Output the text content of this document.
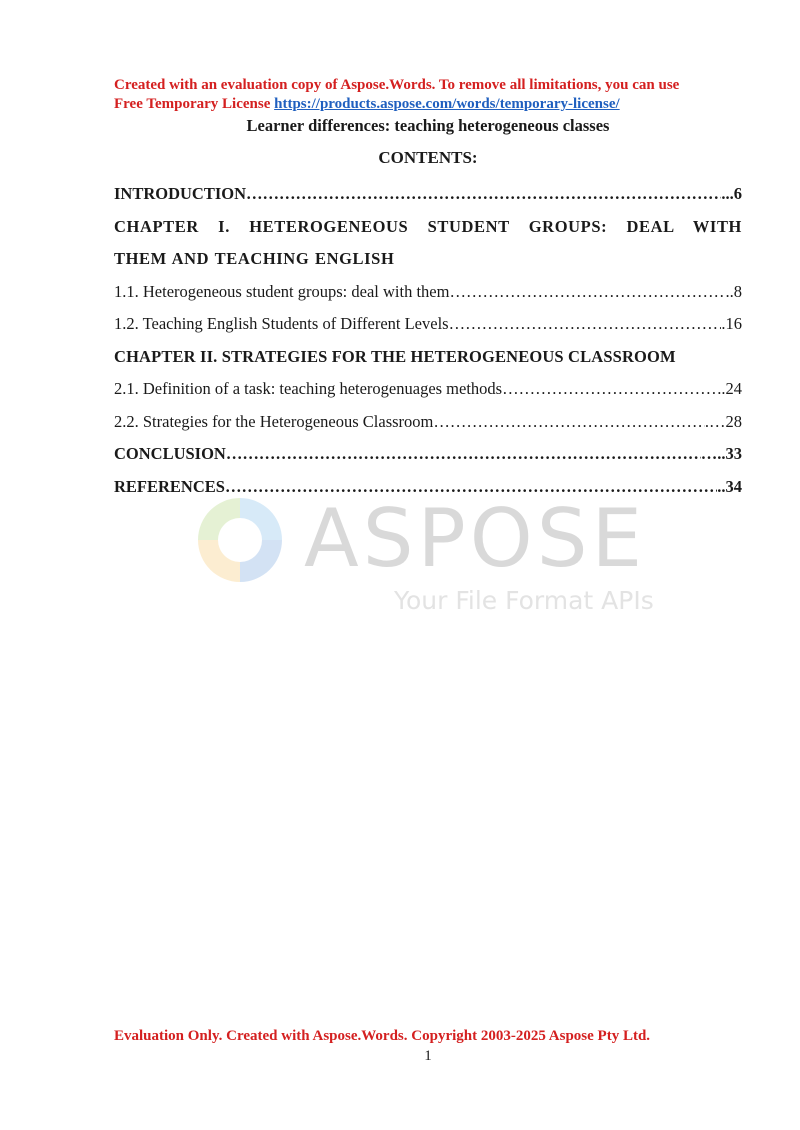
Created with an evaluation copy of Aspose.Words. To remove all limitations, you can use
Free Temporary License https://products.aspose.com/words/temporary-license/
Learner differences: teaching heterogeneous classes
CONTENTS:
INTRODUCTION ……………………………………………………………………………………………………………………………………………	...6
CHAPTER I. HETEROGENEOUS STUDENT GROUPS: DEAL WITH
THEM AND TEACHING ENGLISH
1.1. Heterogeneous student groups: deal with them ……………………………………………………………………………………………………………………………………………	..8
1.2. Teaching English Students of Different Levels ……………………………………………………………………………………………………………………………………………	.16
CHAPTER II. STRATEGIES FOR THE HETEROGENEOUS CLASSROOM
2.1. Definition of a task: teaching heterogenuages methods ……………………………………………………………………………………………………………………………………………	.24
2.2. Strategies for the Heterogeneous Classroom ……………………………………………………………………………………………………………………………………………	.…28
CONCLUSION ……………………………………………………………………………………………………………………………………………	…..33
REFERENCES ……………………………………………………………………………………………………………………………………………	..34
ASPOSE
Your File Format APIs
Evaluation Only. Created with Aspose.Words. Copyright 2003-2025 Aspose Pty Ltd.
1
